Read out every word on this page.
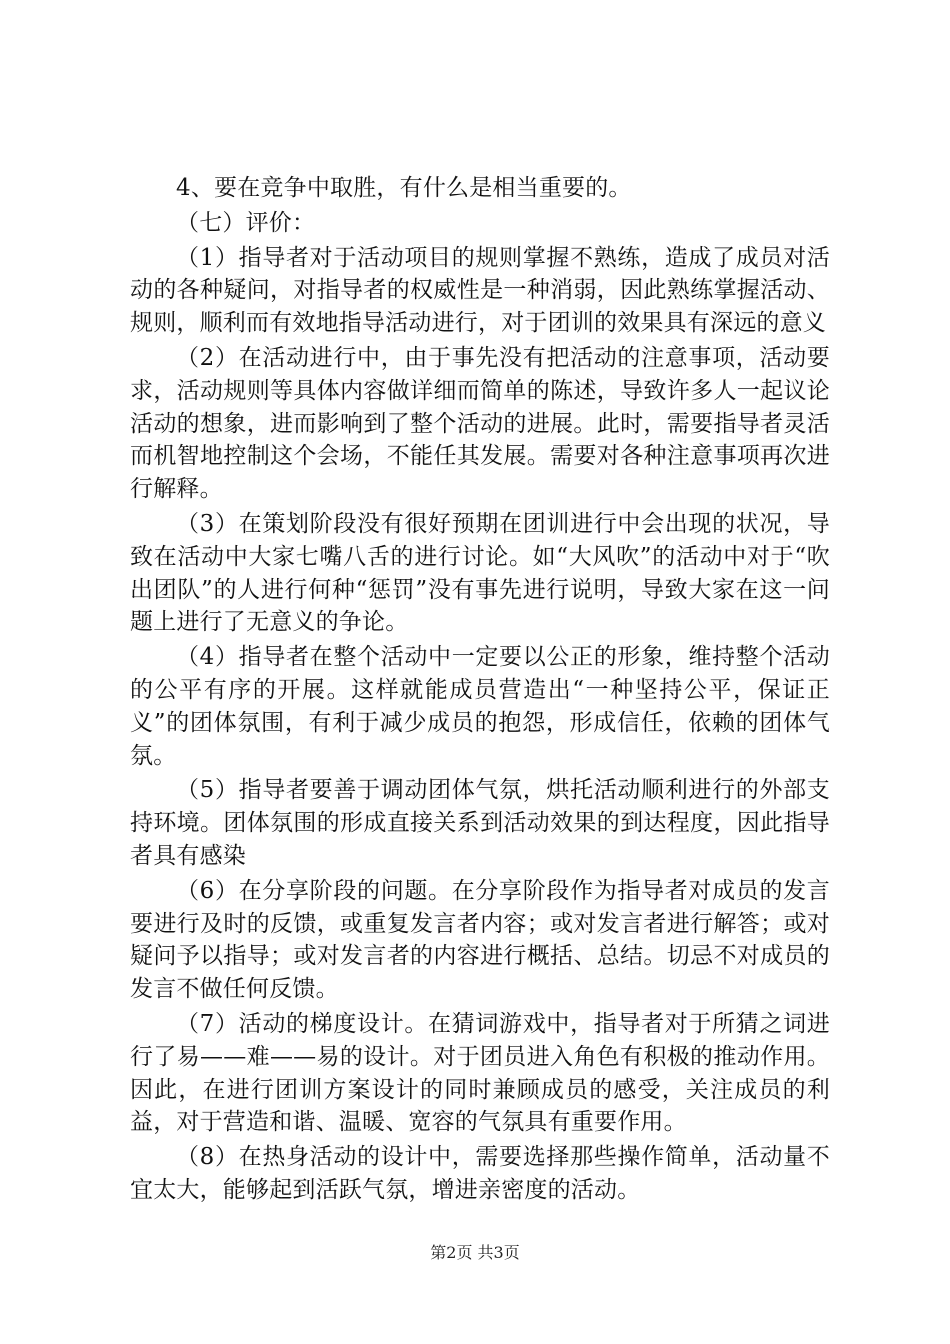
4、要在竞争中取胜，有什么是相当重要的。

（七）评价：

（1）指导者对于活动项目的规则掌握不熟练，造成了成员对活动的各种疑问，对指导者的权威性是一种消弱，因此熟练掌握活动、规则，顺利而有效地指导活动进行，对于团训的效果具有深远的意义

（2）在活动进行中，由于事先没有把活动的注意事项，活动要求，活动规则等具体内容做详细而简单的陈述，导致许多人一起议论活动的想象，进而影响到了整个活动的进展。此时，需要指导者灵活而机智地控制这个会场，不能任其发展。需要对各种注意事项再次进行解释。

（3）在策划阶段没有很好预期在团训进行中会出现的状况，导致在活动中大家七嘴八舌的进行讨论。如“大风吹”的活动中对于“吹出团队”的人进行何种“惩罚”没有事先进行说明，导致大家在这一问题上进行了无意义的争论。

（4）指导者在整个活动中一定要以公正的形象，维持整个活动的公平有序的开展。这样就能成员营造出“一种坚持公平，保证正义”的团体氛围，有利于减少成员的抱怨，形成信任，依赖的团体气氛。

（5）指导者要善于调动团体气氛，烘托活动顺利进行的外部支持环境。团体氛围的形成直接关系到活动效果的到达程度，因此指导者具有感染

（6）在分享阶段的问题。在分享阶段作为指导者对成员的发言要进行及时的反馈，或重复发言者内容；或对发言者进行解答；或对疑问予以指导；或对发言者的内容进行概括、总结。切忌不对成员的发言不做任何反馈。

（7）活动的梯度设计。在猜词游戏中，指导者对于所猜之词进行了易——难——易的设计。对于团员进入角色有积极的推动作用。因此，在进行团训方案设计的同时兼顾成员的感受，关注成员的利益，对于营造和谐、温暖、宽容的气氛具有重要作用。

（8）在热身活动的设计中，需要选择那些操作简单，活动量不宜太大，能够起到活跃气氛，增进亲密度的活动。

第2页 共3页
